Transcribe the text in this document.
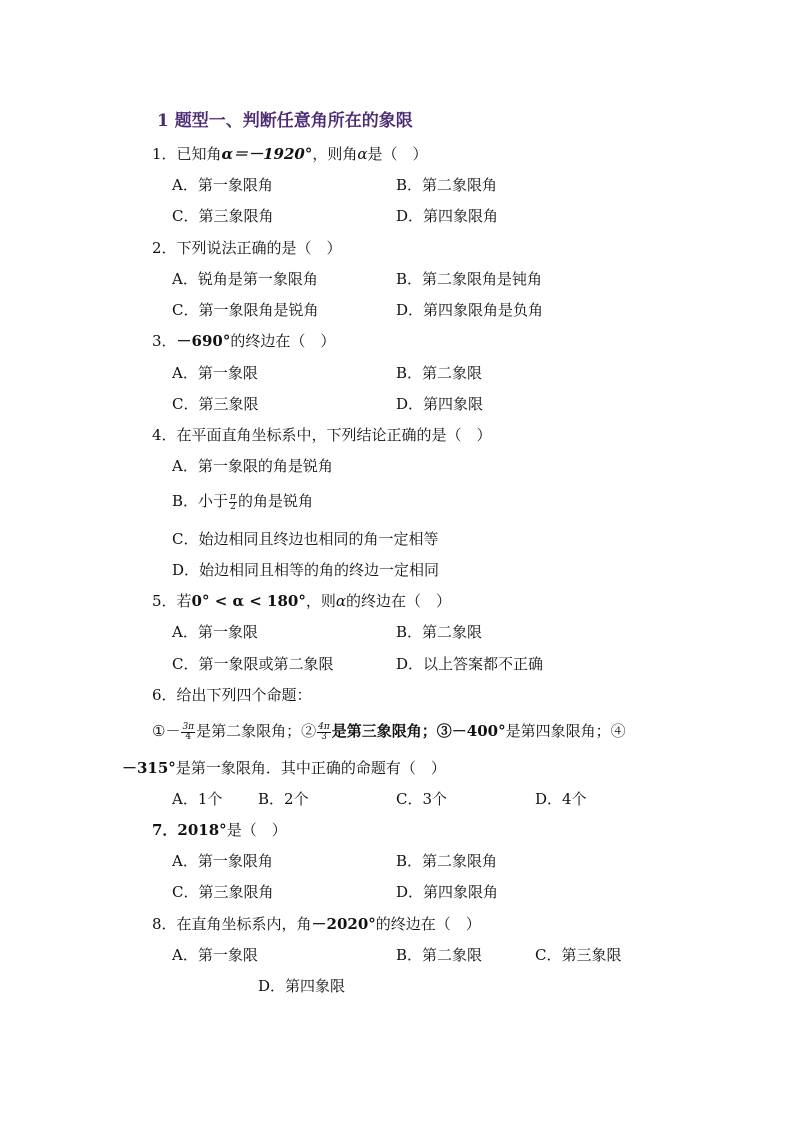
1 题型一、判断任意角所在的象限
1．已知角α＝－1920°，则角α是（　）
A．第一象限角	B．第二象限角
C．第三象限角	D．第四象限角
2．下列说法正确的是（　）
A．锐角是第一象限角	B．第二象限角是钝角
C．第一象限角是锐角	D．第四象限角是负角
3．－690°的终边在（　）
A．第一象限	B．第二象限
C．第三象限	D．第四象限
4．在平面直角坐标系中，下列结论正确的是（　）
A．第一象限的角是锐角
B．小于 $\frac{\pi}{2}$ 的角是锐角
C．始边相同且终边也相同的角一定相等
D．始边相同且相等的角的终边一定相同
5．若0° < α < 180°，则α的终边在（　）
A．第一象限	B．第二象限
C．第一象限或第二象限	D．以上答案都不正确
6．给出下列四个命题：
①－ $\frac{3\pi}{4}$ 是第二象限角；② $\frac{4\pi}{3}$ 是第三象限角；③－400°是第四象限角；④
－315°是第一象限角．其中正确的命题有（　）
A．1个 B．2个	C．3个	D．4个
7．2018°是（　）
A．第一象限角	B．第二象限角
C．第三象限角	D．第四象限角
8．在直角坐标系内，角－2020°的终边在（　）
A．第一象限	B．第二象限	C．第三象限
D．第四象限
